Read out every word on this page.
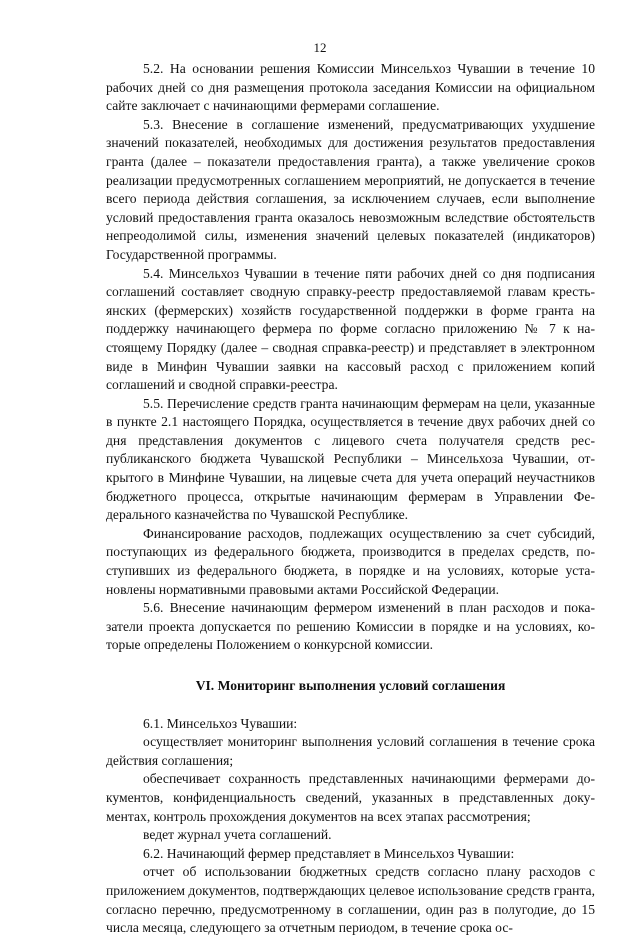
12

5.2. На основании решения Комиссии Минсельхоз Чувашии в течение 10 рабочих дней со дня размещения протокола заседания Комиссии на официальном сайте заключает с начинающими фермерами соглашение.

5.3. Внесение в соглашение изменений, предусматривающих ухудшение значений показателей, необходимых для достижения результатов предоставления гранта (далее – показатели предоставления гранта), а также увеличение сроков реализации предусмотренных соглашением мероприятий, не допускается в течение всего периода действия соглашения, за исключением случаев, если выполнение условий предоставления гранта оказалось невозможным вследствие обстоятельств непреодолимой силы, изменения значений целевых показателей (индикаторов) Государственной программы.

5.4. Минсельхоз Чувашии в течение пяти рабочих дней со дня подписания соглашений составляет сводную справку-реестр предоставляемой главам крестьянских (фермерских) хозяйств государственной поддержки в форме гранта на поддержку начинающего фермера по форме согласно приложению № 7 к настоящему Порядку (далее – сводная справка-реестр) и представляет в электронном виде в Минфин Чувашии заявки на кассовый расход с приложением копий соглашений и сводной справки-реестра.

5.5. Перечисление средств гранта начинающим фермерам на цели, указанные в пункте 2.1 настоящего Порядка, осуществляется в течение двух рабочих дней со дня представления документов с лицевого счета получателя средств республиканского бюджета Чувашской Республики – Минсельхоза Чувашии, открытого в Минфине Чувашии, на лицевые счета для учета операций неучастников бюджетного процесса, открытые начинающим фермерам в Управлении Федерального казначейства по Чувашской Республике.

Финансирование расходов, подлежащих осуществлению за счет субсидий, поступающих из федерального бюджета, производится в пределах средств, поступивших из федерального бюджета, в порядке и на условиях, которые установлены нормативными правовыми актами Российской Федерации.

5.6. Внесение начинающим фермером изменений в план расходов и показатели проекта допускается по решению Комиссии в порядке и на условиях, которые определены Положением о конкурсной комиссии.

VI. Мониторинг выполнения условий соглашения

6.1. Минсельхоз Чувашии:

осуществляет мониторинг выполнения условий соглашения в течение срока действия соглашения;

обеспечивает сохранность представленных начинающими фермерами документов, конфиденциальность сведений, указанных в представленных документах, контроль прохождения документов на всех этапах рассмотрения;

ведет журнал учета соглашений.

6.2. Начинающий фермер представляет в Минсельхоз Чувашии:

отчет об использовании бюджетных средств согласно плану расходов с приложением документов, подтверждающих целевое использование средств гранта, согласно перечню, предусмотренному в соглашении, один раз в полугодие, до 15 числа месяца, следующего за отчетным периодом, в течение срока ос-
